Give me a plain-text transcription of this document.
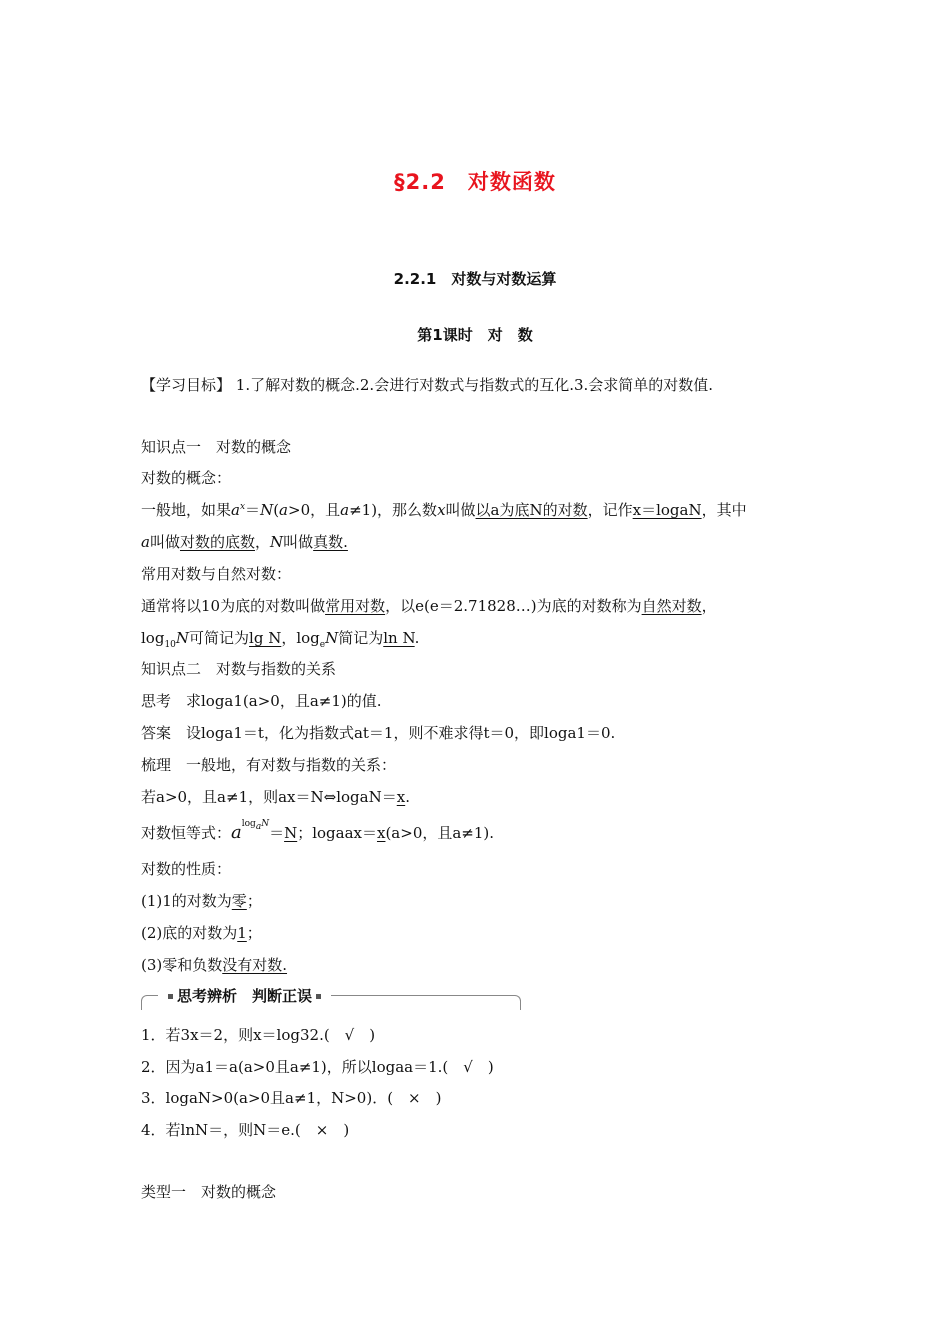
§2.2　对数函数
2.2.1　对数与对数运算
第1课时　对　数
【学习目标】 1.了解对数的概念.2.会进行对数式与指数式的互化.3.会求简单的对数值.
知识点一　对数的概念
对数的概念：
一般地，如果$a^x=N(a>0$，且a≠1)，那么数x叫做以a为底N的对数，记作x＝logaN，其中
a叫做对数的底数，N叫做真数.
常用对数与自然对数：
通常将以10为底的对数叫做常用对数，以e(e＝2.71828…)为底的对数称为自然对数，
$\log_{10}N$可简记为lg N，$\log_eN$简记为ln N.
知识点二　对数与指数的关系
思考　求loga1(a>0，且a≠1)的值.
答案　设loga1＝t，化为指数式at＝1，则不难求得t＝0，即loga1＝0.
梳理　一般地，有对数与指数的关系：
若a>0，且a≠1，则ax＝N⇔logaN＝x.
对数恒等式：$a^{log_aN}=N$；logaax＝x(a>0，且a≠1).
对数的性质：
(1)1的对数为零；
(2)底的对数为1；
(3)零和负数没有对数.
思考辨析　判断正误
1．若3x＝2，则x＝log32.(　√　)
2．因为a1＝a(a>0且a≠1)，所以logaa＝1.(　√　)
3．logaN>0(a>0且a≠1，N>0)．(　×　)
4．若lnN＝，则N＝e.(　×　)
类型一　对数的概念
